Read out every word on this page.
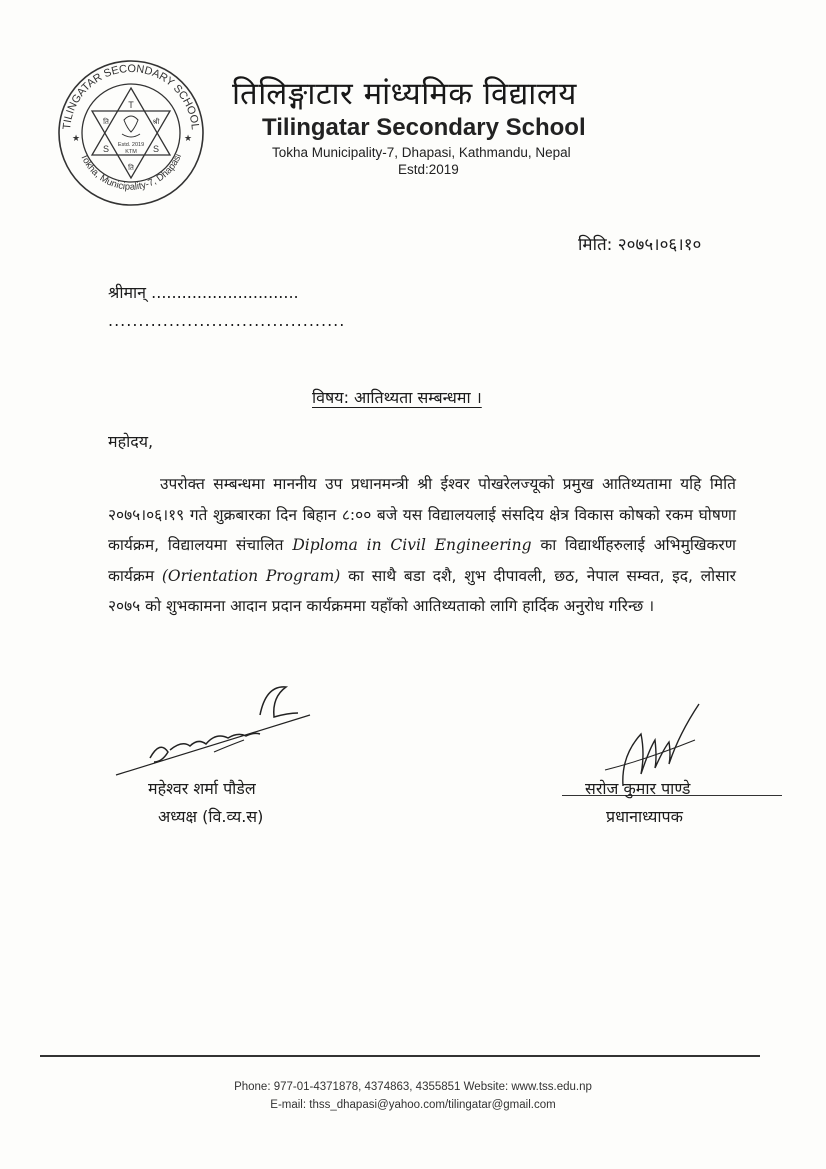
TILINGATAR SECONDARY SCHOOL
Tokha, Municipality-7, Dhapasi
★	★
T
S	S
ति	श्री
ति
Estd. 2019
KTM
तिलिङ्गाटार मांध्यमिक विद्यालय
Tilingatar Secondary School
Tokha Municipality-7, Dhapasi, Kathmandu, Nepal
Estd:2019
मिति: २०७५।०६।१०
श्रीमान् .............................
.......................................
विषय: आतिथ्यता सम्बन्धमा ।
महोदय,
उपरोक्त सम्बन्धमा माननीय उप प्रधानमन्त्री श्री ईश्वर पोखरेलज्यूको प्रमुख आतिथ्यतामा यहि मिति २०७५।०६।१९ गते शुक्रबारका दिन बिहान ८:०० बजे यस विद्यालयलाई संसदिय क्षेत्र विकास कोषको रकम घोषणा कार्यक्रम, विद्यालयमा संचालित Diploma in Civil Engineering का विद्यार्थीहरुलाई अभिमुखिकरण कार्यक्रम (Orientation Program) का साथै बडा दशै, शुभ दीपावली, छठ, नेपाल सम्वत, इद, लोसार २०७५ को शुभकामना आदान प्रदान कार्यक्रममा यहाँको आतिथ्यताको लागि हार्दिक अनुरोध गरिन्छ ।
महेश्वर शर्मा पौडेल
अध्यक्ष (वि.व्य.स)
सरोज कुमार पाण्डे
प्रधानाध्यापक
Phone: 977-01-4371878, 4374863, 4355851 Website: www.tss.edu.np
E-mail: thss_dhapasi@yahoo.com/tilingatar@gmail.com
